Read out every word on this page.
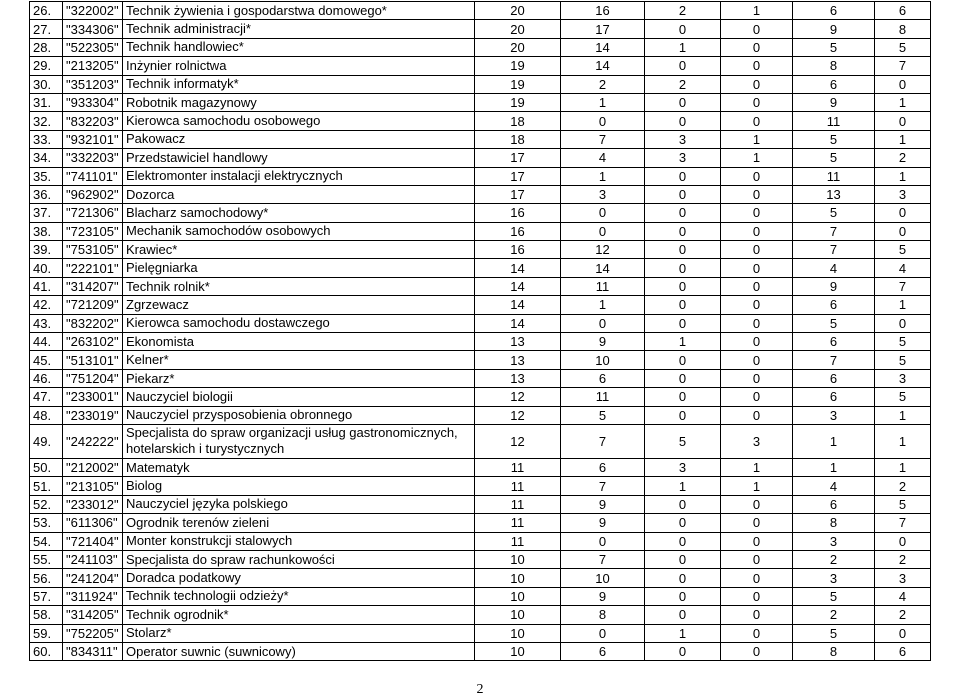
26.	"322002"	Technik żywienia i gospodarstwa domowego*	20	16	2	1	6	6
27.	"334306"	Technik administracji*	20	17	0	0	9	8
28.	"522305"	Technik handlowiec*	20	14	1	0	5	5
29.	"213205"	Inżynier rolnictwa	19	14	0	0	8	7
30.	"351203"	Technik informatyk*	19	2	2	0	6	0
31.	"933304"	Robotnik magazynowy	19	1	0	0	9	1
32.	"832203"	Kierowca samochodu osobowego	18	0	0	0	11	0
33.	"932101"	Pakowacz	18	7	3	1	5	1
34.	"332203"	Przedstawiciel handlowy	17	4	3	1	5	2
35.	"741101"	Elektromonter instalacji elektrycznych	17	1	0	0	11	1
36.	"962902"	Dozorca	17	3	0	0	13	3
37.	"721306"	Blacharz samochodowy*	16	0	0	0	5	0
38.	"723105"	Mechanik samochodów osobowych	16	0	0	0	7	0
39.	"753105"	Krawiec*	16	12	0	0	7	5
40.	"222101"	Pielęgniarka	14	14	0	0	4	4
41.	"314207"	Technik rolnik*	14	11	0	0	9	7
42.	"721209"	Zgrzewacz	14	1	0	0	6	1
43.	"832202"	Kierowca samochodu dostawczego	14	0	0	0	5	0
44.	"263102"	Ekonomista	13	9	1	0	6	5
45.	"513101"	Kelner*	13	10	0	0	7	5
46.	"751204"	Piekarz*	13	6	0	0	6	3
47.	"233001"	Nauczyciel biologii	12	11	0	0	6	5
48.	"233019"	Nauczyciel przysposobienia obronnego	12	5	0	0	3	1
49.	"242222"	Specjalista do spraw organizacji usług gastronomicznych, hotelarskich i turystycznych	12	7	5	3	1	1
50.	"212002"	Matematyk	11	6	3	1	1	1
51.	"213105"	Biolog	11	7	1	1	4	2
52.	"233012"	Nauczyciel języka polskiego	11	9	0	0	6	5
53.	"611306"	Ogrodnik terenów zieleni	11	9	0	0	8	7
54.	"721404"	Monter konstrukcji stalowych	11	0	0	0	3	0
55.	"241103"	Specjalista do spraw rachunkowości	10	7	0	0	2	2
56.	"241204"	Doradca podatkowy	10	10	0	0	3	3
57.	"311924"	Technik technologii odzieży*	10	9	0	0	5	4
58.	"314205"	Technik ogrodnik*	10	8	0	0	2	2
59.	"752205"	Stolarz*	10	0	1	0	5	0
60.	"834311"	Operator suwnic (suwnicowy)	10	6	0	0	8	6
2
